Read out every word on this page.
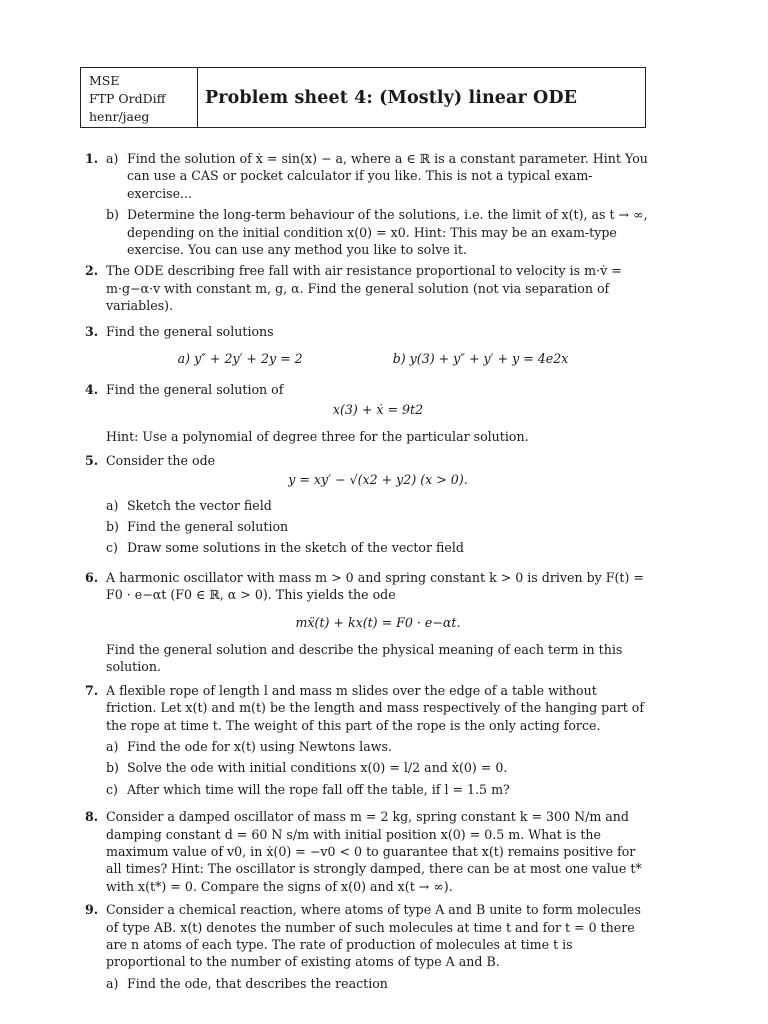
MSE
FTP OrdDiff
henr/jaeg
Problem sheet 4: (Mostly) linear ODE
1. a) Find the solution of ẋ = sin(x) − a, where a ∈ ℝ is a constant parameter. Hint You can use a CAS or pocket calculator if you like. This is not a typical exam-exercise...
b) Determine the long-term behaviour of the solutions, i.e. the limit of x(t), as t → ∞, depending on the initial condition x(0) = x0. Hint: This may be an exam-type exercise. You can use any method you like to solve it.
2. The ODE describing free fall with air resistance proportional to velocity is m·v̇ = m·g−α·v with constant m, g, α. Find the general solution (not via separation of variables).
3. Find the general solutions
a) y″ + 2y′ + 2y = 2	b) y(3) + y″ + y′ + y = 4e2x
4. Find the general solution of
x(3) + ẋ = 9t2
Hint: Use a polynomial of degree three for the particular solution.
5. Consider the ode
y = xy′ − √(x2 + y2) (x > 0).
a) Sketch the vector field
b) Find the general solution
c) Draw some solutions in the sketch of the vector field
6. A harmonic oscillator with mass m > 0 and spring constant k > 0 is driven by F(t) = F0 · e−αt (F0 ∈ ℝ, α > 0). This yields the ode
mẍ(t) + kx(t) = F0 · e−αt.
Find the general solution and describe the physical meaning of each term in this solution.
7. A flexible rope of length l and mass m slides over the edge of a table without friction. Let x(t) and m(t) be the length and mass respectively of the hanging part of the rope at time t. The weight of this part of the rope is the only acting force.
a) Find the ode for x(t) using Newtons laws.
b) Solve the ode with initial conditions x(0) = l/2 and ẋ(0) = 0.
c) After which time will the rope fall off the table, if l = 1.5 m?
8. Consider a damped oscillator of mass m = 2 kg, spring constant k = 300 N/m and damping constant d = 60 N s/m with initial position x(0) = 0.5 m. What is the maximum value of v0, in ẋ(0) = −v0 < 0 to guarantee that x(t) remains positive for all times? Hint: The oscillator is strongly damped, there can be at most one value t* with x(t*) = 0. Compare the signs of x(0) and x(t → ∞).
9. Consider a chemical reaction, where atoms of type A and B unite to form molecules of type AB. x(t) denotes the number of such molecules at time t and for t = 0 there are n atoms of each type. The rate of production of molecules at time t is proportional to the number of existing atoms of type A and B.
a) Find the ode, that describes the reaction
